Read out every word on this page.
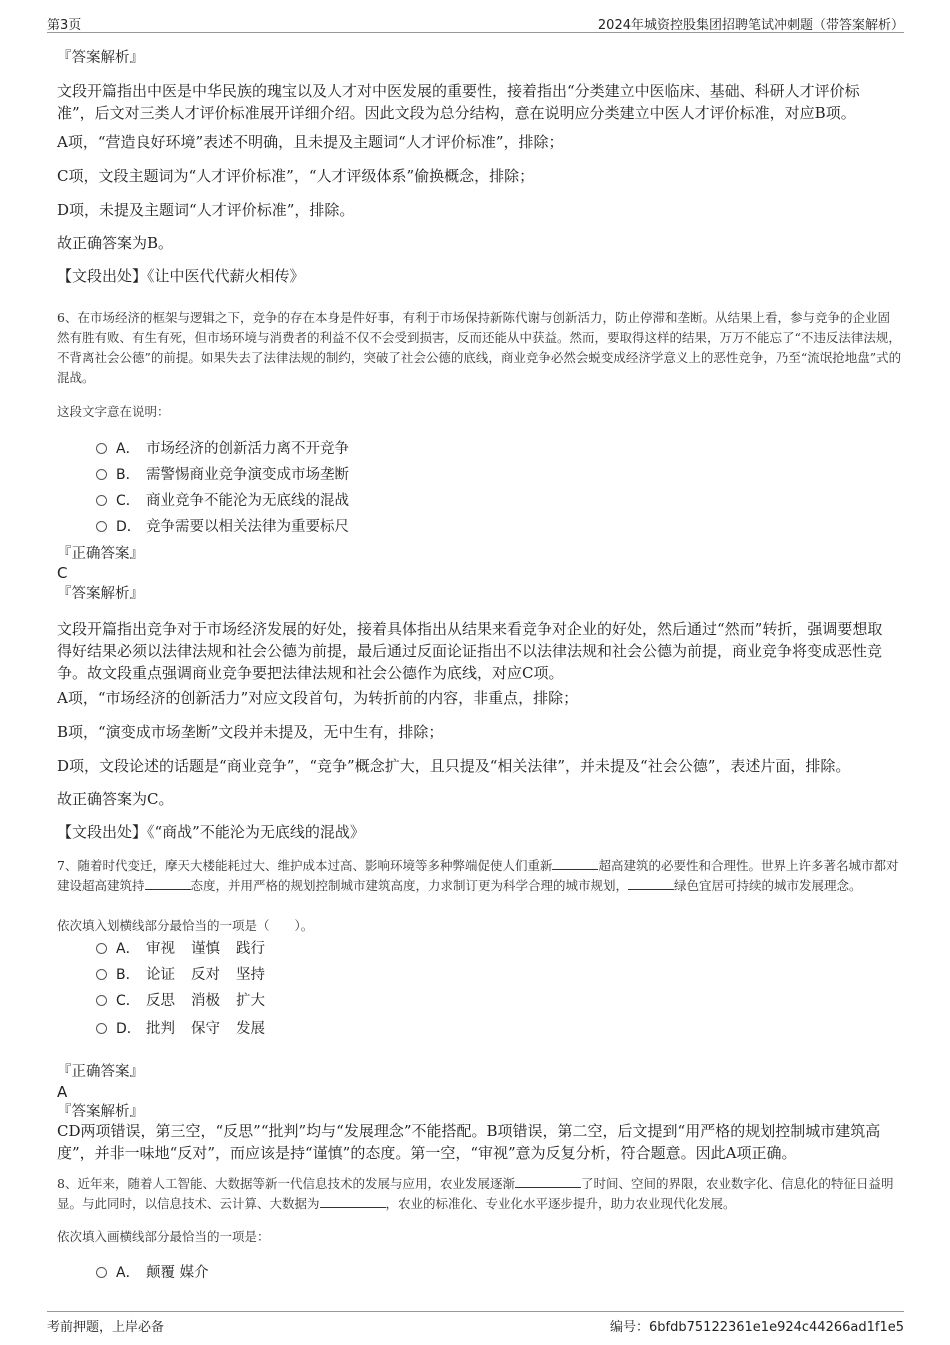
第3页	2024年城资控股集团招聘笔试冲刺题（带答案解析）
『答案解析』
文段开篇指出中医是中华民族的瑰宝以及人才对中医发展的重要性，接着指出“分类建立中医临床、基础、科研人才评价标准”，后文对三类人才评价标准展开详细介绍。因此文段为总分结构，意在说明应分类建立中医人才评价标准，对应B项。
A项，“营造良好环境”表述不明确，且未提及主题词“人才评价标准”，排除；
C项，文段主题词为“人才评价标准”，“人才评级体系”偷换概念，排除；
D项，未提及主题词“人才评价标准”，排除。
故正确答案为B。
【文段出处】《让中医代代薪火相传》
6、在市场经济的框架与逻辑之下，竞争的存在本身是件好事，有利于市场保持新陈代谢与创新活力，防止停滞和垄断。从结果上看，参与竞争的企业固然有胜有败、有生有死，但市场环境与消费者的利益不仅不会受到损害，反而还能从中获益。然而，要取得这样的结果，万万不能忘了“不违反法律法规，不背离社会公德”的前提。如果失去了法律法规的制约，突破了社会公德的底线，商业竞争必然会蜕变成经济学意义上的恶性竞争，乃至“流氓抢地盘”式的混战。
这段文字意在说明：
A． 市场经济的创新活力离不开竞争
B． 需警惕商业竞争演变成市场垄断
C． 商业竞争不能沦为无底线的混战
D． 竞争需要以相关法律为重要标尺
『正确答案』
C
『答案解析』
文段开篇指出竞争对于市场经济发展的好处，接着具体指出从结果来看竞争对企业的好处，然后通过“然而”转折，强调要想取得好结果必须以法律法规和社会公德为前提，最后通过反面论证指出不以法律法规和社会公德为前提，商业竞争将变成恶性竞争。故文段重点强调商业竞争要把法律法规和社会公德作为底线，对应C项。
A项，“市场经济的创新活力”对应文段首句，为转折前的内容，非重点，排除；
B项，“演变成市场垄断”文段并未提及，无中生有，排除；
D项，文段论述的话题是“商业竞争”，“竞争”概念扩大，且只提及“相关法律”，并未提及“社会公德”，表述片面，排除。
故正确答案为C。
【文段出处】《“商战”不能沦为无底线的混战》
7、随着时代变迁，摩天大楼能耗过大、维护成本过高、影响环境等多种弊端促使人们重新	超高建筑的必要性和合理性。世界上许多著名城市都对建设超高建筑持	态度，并用严格的规划控制城市建筑高度，力求制订更为科学合理的城市规划，	绿色宜居可持续的城市发展理念。
依次填入划横线部分最恰当的一项是（　　）。
A． 审视 谨慎 践行
B． 论证 反对 坚持
C． 反思 消极 扩大
D． 批判 保守 发展
『正确答案』
A
『答案解析』
CD两项错误，第三空，“反思”“批判”均与“发展理念”不能搭配。B项错误，第二空，后文提到“用严格的规划控制城市建筑高度”，并非一味地“反对”，而应该是持“谨慎”的态度。第一空，“审视”意为反复分析，符合题意。因此A项正确。
8、近年来，随着人工智能、大数据等新一代信息技术的发展与应用，农业发展逐渐	了时间、空间的界限，农业数字化、信息化的特征日益明显。与此同时，以信息技术、云计算、大数据为	，农业的标准化、专业化水平逐步提升，助力农业现代化发展。
依次填入画横线部分最恰当的一项是：
A． 颠覆 媒介
考前押题，上岸必备	编号：6bfdb75122361e1e924c44266ad1f1e5
